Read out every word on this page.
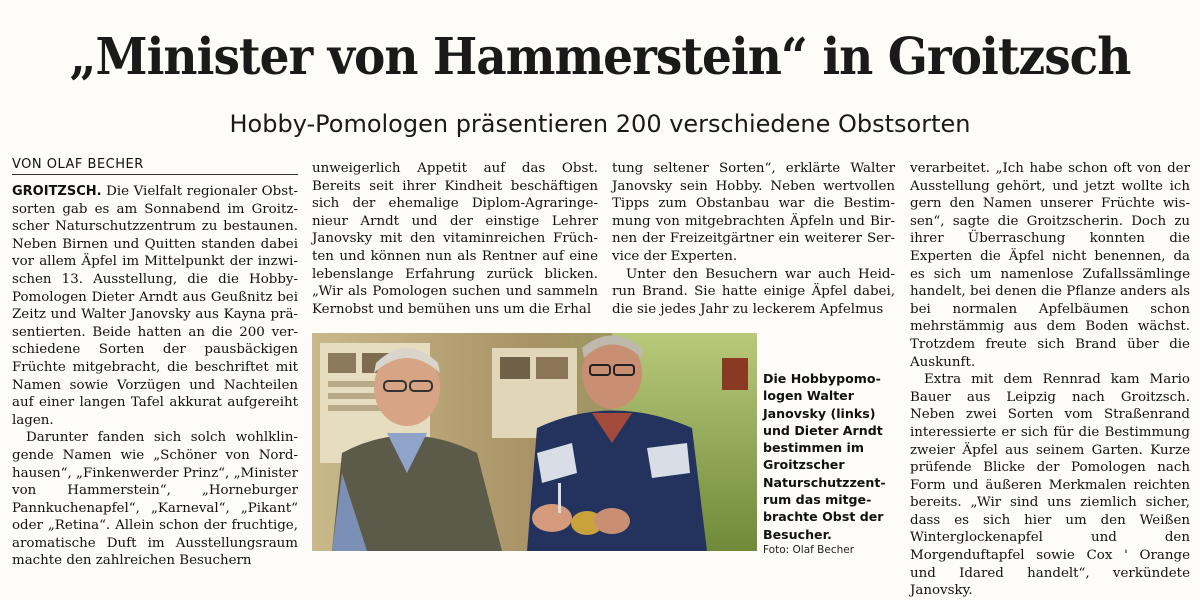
„Minister von Hammerstein“ in Groitzsch
Hobby-Pomologen präsentieren 200 verschiedene Obstsorten
VON OLAF BECHER

GROITZSCH. Die Vielfalt regionaler Obstsorten gab es am Sonnabend im Groitzscher Naturschutzzentrum zu bestaunen. Neben Birnen und Quitten standen dabei vor allem Äpfel im Mittelpunkt der inzwischen 13. Ausstellung, die die Hobby-Pomologen Dieter Arndt aus Geußnitz bei Zeitz und Walter Janovsky aus Kayna präsentierten. Beide hatten an die 200 verschiedene Sorten der pausbäckigen Früchte mitgebracht, die beschriftet mit Namen sowie Vorzügen und Nachteilen auf einer langen Tafel akkurat aufgereiht lagen.

Darunter fanden sich solch wohlklingende Namen wie „Schöner von Nordhausen“, „Finkenwerder Prinz“, „Minister von Hammerstein“, „Horneburger Pannkuchenapfel“, „Karneval“, „Pikant“ oder „Retina“. Allein schon der fruchtige, aromatische Duft im Ausstellungsraum machte den zahlreichen Besuchern

unweigerlich Appetit auf das Obst. Bereits seit ihrer Kindheit beschäftigen sich der ehemalige Diplom-Agraringenieur Arndt und der einstige Lehrer Janovsky mit den vitaminreichen Früchten und können nun als Rentner auf eine lebenslange Erfahrung zurück blicken. „Wir als Pomologen suchen und sammeln Kernobst und bemühen uns um die Erhal

tung seltener Sorten“, erklärte Walter Janovsky sein Hobby. Neben wertvollen Tipps zum Obstanbau war die Bestimmung von mitgebrachten Äpfeln und Birnen der Freizeitgärtner ein weiterer Service der Experten.

Unter den Besuchern war auch Heidrun Brand. Sie hatte einige Äpfel dabei, die sie jedes Jahr zu leckerem Apfelmus

verarbeitet. „Ich habe schon oft von der Ausstellung gehört, und jetzt wollte ich gern den Namen unserer Früchte wissen“, sagte die Groitzscherin. Doch zu ihrer Überraschung konnten die Experten die Äpfel nicht benennen, da es sich um namenlose Zufallssämlinge handelt, bei denen die Pflanze anders als bei normalen Apfelbäumen schon mehrstämmig aus dem Boden wächst. Trotzdem freute sich Brand über die Auskunft.

Extra mit dem Rennrad kam Mario Bauer aus Leipzig nach Groitzsch. Neben zwei Sorten vom Straßenrand interessierte er sich für die Bestimmung zweier Äpfel aus seinem Garten. Kurze prüfende Blicke der Pomologen nach Form und äußeren Merkmalen reichten bereits. „Wir sind uns ziemlich sicher, dass es sich hier um den Weißen Winterglockenapfel und den Morgenduftapfel sowie Cox ' Orange und Idared handelt“, verkündete Janovsky.

Die Hobbypomologen Walter Janovsky (links) und Dieter Arndt bestimmen im Groitzscher Naturschutzzentrum das mitgebrachte Obst der Besucher.
Foto: Olaf Becher
